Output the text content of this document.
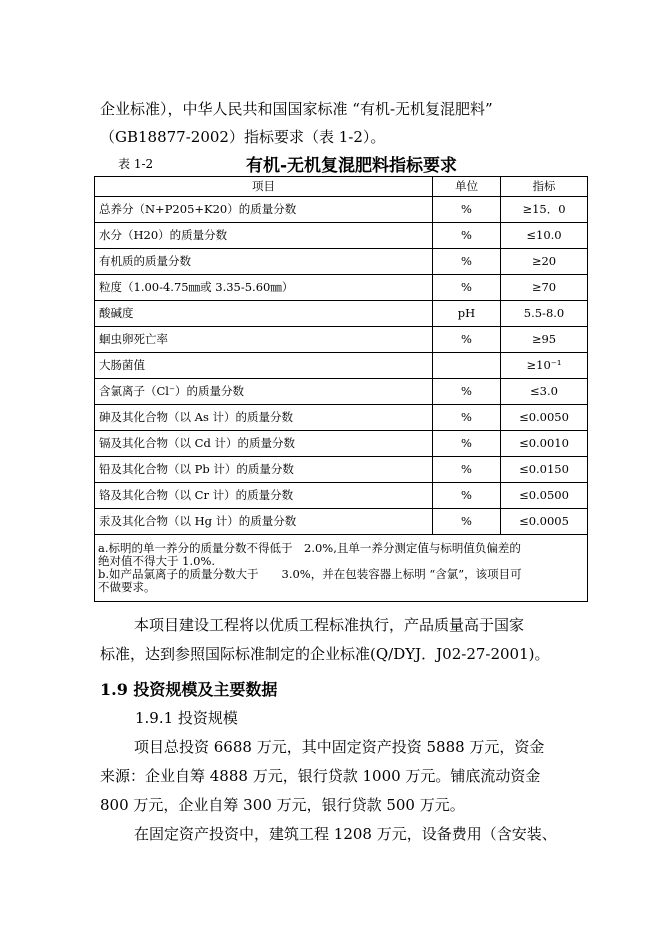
企业标准），中华人民共和国国家标准 “有机-无机复混肥料”
（GB18877-2002）指标要求（表 1-2）。
表 1-2	有机-无机复混肥料指标要求
项目	单位	指标
总养分（N+P205+K20）的质量分数	%	≥15．0
水分（H20）的质量分数	%	≤10.0
有机质的质量分数	%	≥20
粒度（1.00-4.75㎜或 3.35-5.60㎜）	%	≥70
酸碱度	pH	5.5-8.0
蛔虫卵死亡率	%	≥95
大肠菌值		≥10⁻¹
含氯离子（Cl⁻）的质量分数	%	≤3.0
砷及其化合物（以 As 计）的质量分数	%	≤0.0050
镉及其化合物（以 Cd 计）的质量分数	%	≤0.0010
铅及其化合物（以 Pb 计）的质量分数	%	≤0.0150
铬及其化合物（以 Cr 计）的质量分数	%	≤0.0500
汞及其化合物（以 Hg 计）的质量分数	%	≤0.0005

a.标明的单一养分的质量分数不得低于　2.0%,且单一养分测定值与标明值负偏差的
绝对值不得大于 1.0%.
b.如产品氯离子的质量分数大于　　3.0%，并在包装容器上标明 “含氯”，该项目可
不做要求。		
本项目建设工程将以优质工程标准执行，产品质量高于国家
标准，达到参照国际标准制定的企业标准(Q/DYJ．J02-27-2001)。
1.9 投资规模及主要数据
1.9.1 投资规模
项目总投资 6688 万元，其中固定资产投资 5888 万元，资金
来源：企业自筹 4888 万元，银行贷款 1000 万元。铺底流动资金
800 万元，企业自筹 300 万元，银行贷款 500 万元。
在固定资产投资中，建筑工程 1208 万元，设备费用（含安装、
